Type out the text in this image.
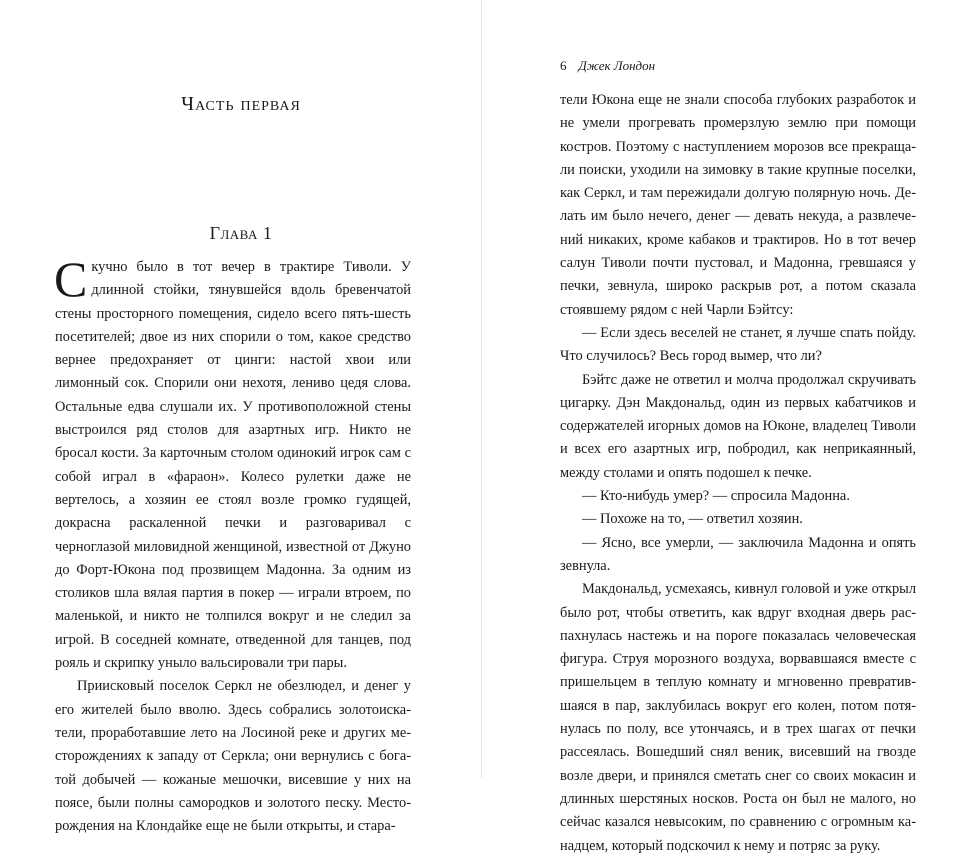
Часть первая
Глава 1

Скучно было в тот вечер в трактире Тиволи. У длинной стойки, тянувшейся вдоль бревенчатой стены просторного помещения, сидело всего пять-шесть посетителей; двое из них спорили о том, какое средство вернее предохраняет от цинги: настой хвои или лимонный сок. Спорили они нехотя, лениво цедя слова. Остальные едва слушали их. У противоположной стены выстроился ряд столов для азартных игр. Никто не бросал кости. За карточным столом одинокий игрок сам с собой играл в «фараон». Колесо рулетки даже не вертелось, а хозяин ее стоял возле громко гудящей, докрасна раскаленной печки и разговаривал с черноглазой миловидной женщиной, известной от Джуно до Форт-Юкона под прозвищем Мадонна. За одним из столиков шла вялая партия в покер — играли втроем, по маленькой, и никто не толпился вокруг и не следил за игрой. В соседней комнате, отведенной для танцев, под рояль и скрипку уныло вальсировали три пары.

Приисковый поселок Серкл не обезлюдел, и денег у его жителей было вволю. Здесь собрались золотоискатели, проработавшие лето на Лосиной реке и других месторождениях к западу от Серкла; они вернулись с богатой добычей — кожаные мешочки, висевшие у них на поясе, были полны самородков и золотого песку. Месторождения на Клондайке еще не были открыты, и стара-

6 Джек Лондон

тели Юкона еще не знали способа глубоких разработок и не умели прогревать промерзлую землю при помощи костров. Поэтому с наступлением морозов все прекращали поиски, уходили на зимовку в такие крупные поселки, как Серкл, и там пережидали долгую полярную ночь. Делать им было нечего, денег — девать некуда, а развлечений никаких, кроме кабаков и трактиров. Но в тот вечер салун Тиволи почти пустовал, и Мадонна, гревшаяся у печки, зевнула, широко раскрыв рот, а потом сказала стоявшему рядом с ней Чарли Бэйтсу:

— Если здесь веселей не станет, я лучше спать пойду. Что случилось? Весь город вымер, что ли?

Бэйтс даже не ответил и молча продолжал скручивать цигарку. Дэн Макдональд, один из первых кабатчиков и содержателей игорных домов на Юконе, владелец Тиволи и всех его азартных игр, побродил, как неприкаянный, между столами и опять подошел к печке.

— Кто-нибудь умер? — спросила Мадонна.

— Похоже на то, — ответил хозяин.

— Ясно, все умерли, — заключила Мадонна и опять зевнула.

Макдональд, усмехаясь, кивнул головой и уже открыл было рот, чтобы ответить, как вдруг входная дверь распахнулась настежь и на пороге показалась человеческая фигура. Струя морозного воздуха, ворвавшаяся вместе с пришельцем в теплую комнату и мгновенно превратившаяся в пар, заклубилась вокруг его колен, потом потянулась по полу, все утончаясь, и в трех шагах от печки рассеялась. Вошедший снял веник, висевший на гвозде возле двери, и принялся сметать снег со своих мокасин и длинных шерстяных носков. Роста он был не малого, но сейчас казался невысоким, по сравнению с огромным канадцем, который подскочил к нему и потряс за руку.
